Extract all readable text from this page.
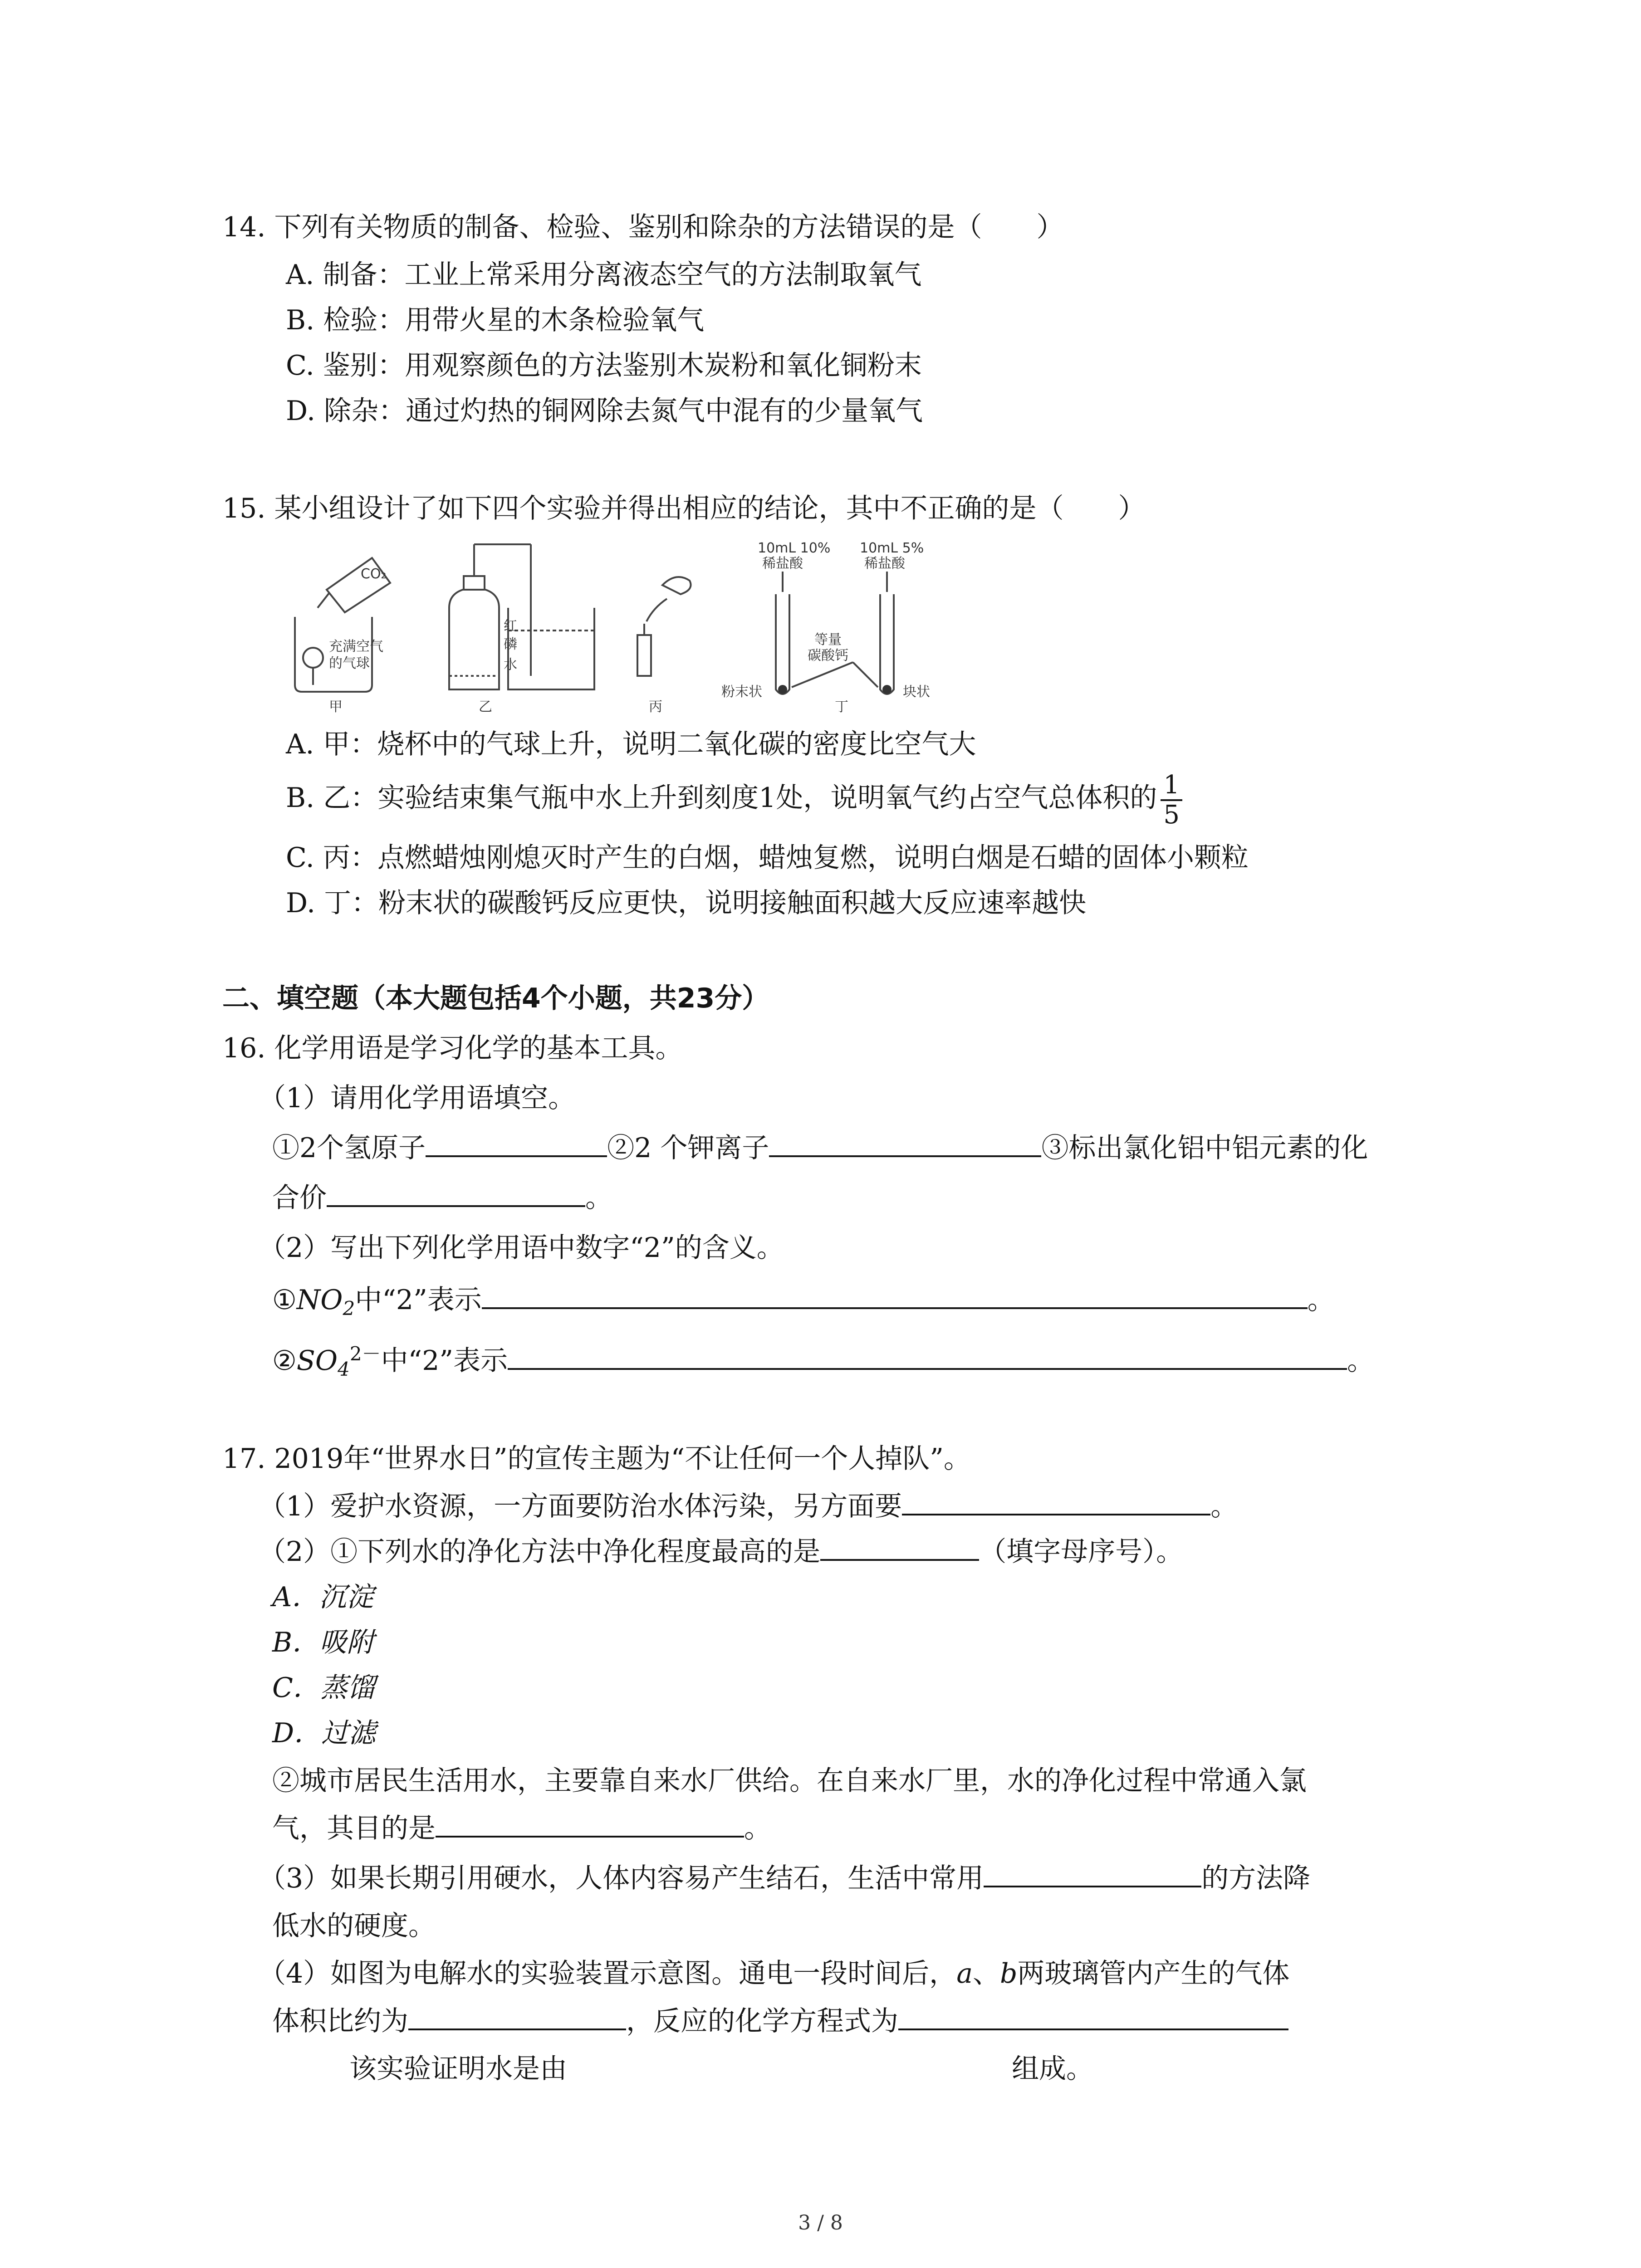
14. 下列有关物质的制备、检验、鉴别和除杂的方法错误的是（　　）
A. 制备：工业上常采用分离液态空气的方法制取氧气
B. 检验：用带火星的木条检验氧气
C. 鉴别：用观察颜色的方法鉴别木炭粉和氧化铜粉末
D. 除杂：通过灼热的铜网除去氮气中混有的少量氧气
15. 某小组设计了如下四个实验并得出相应的结论，其中不正确的是（　　）
CO₂
充满空气
的气球
甲
红
磷
水
乙	丙
10mL 10%
稀盐酸
10mL 5%
稀盐酸
等量
碳酸钙
粉末状	块状
丁
A. 甲：烧杯中的气球上升，说明二氧化碳的密度比空气大
B. 乙：实验结束集气瓶中水上升到刻度1处，说明氧气约占空气总体积的 $\frac{1}{5}$
C. 丙：点燃蜡烛刚熄灭时产生的白烟，蜡烛复燃，说明白烟是石蜡的固体小颗粒
D. 丁：粉末状的碳酸钙反应更快，说明接触面积越大反应速率越快
二、填空题（本大题包括4个小题，共23分）
16. 化学用语是学习化学的基本工具。
（1）请用化学用语填空。
①2个氢原子	②2 个钾离子	③标出氯化铝中铝元素的化
合价	。
（2）写出下列化学用语中数字“2”的含义。
$①NO_2$中“2”表示	。
$②SO_4^{2-}$中“2”表示	。
17. 2019年“世界水日”的宣传主题为“不让任何一个人掉队”。
（1）爱护水资源，一方面要防治水体污染，另方面要	。
（2）①下列水的净化方法中净化程度最高的是	（填字母序号）。
A．沉淀
B．吸附
C．蒸馏
D．过滤
②城市居民生活用水，主要靠自来水厂供给。在自来水厂里，水的净化过程中常通入氯
气，其目的是	。
（3）如果长期引用硬水，人体内容易产生结石，生活中常用	的方法降
低水的硬度。
（4）如图为电解水的实验装置示意图。通电一段时间后，a、b两玻璃管内产生的气体
体积比约为	，反应的化学方程式为
该实验证明水是由	组成。
3 / 8
